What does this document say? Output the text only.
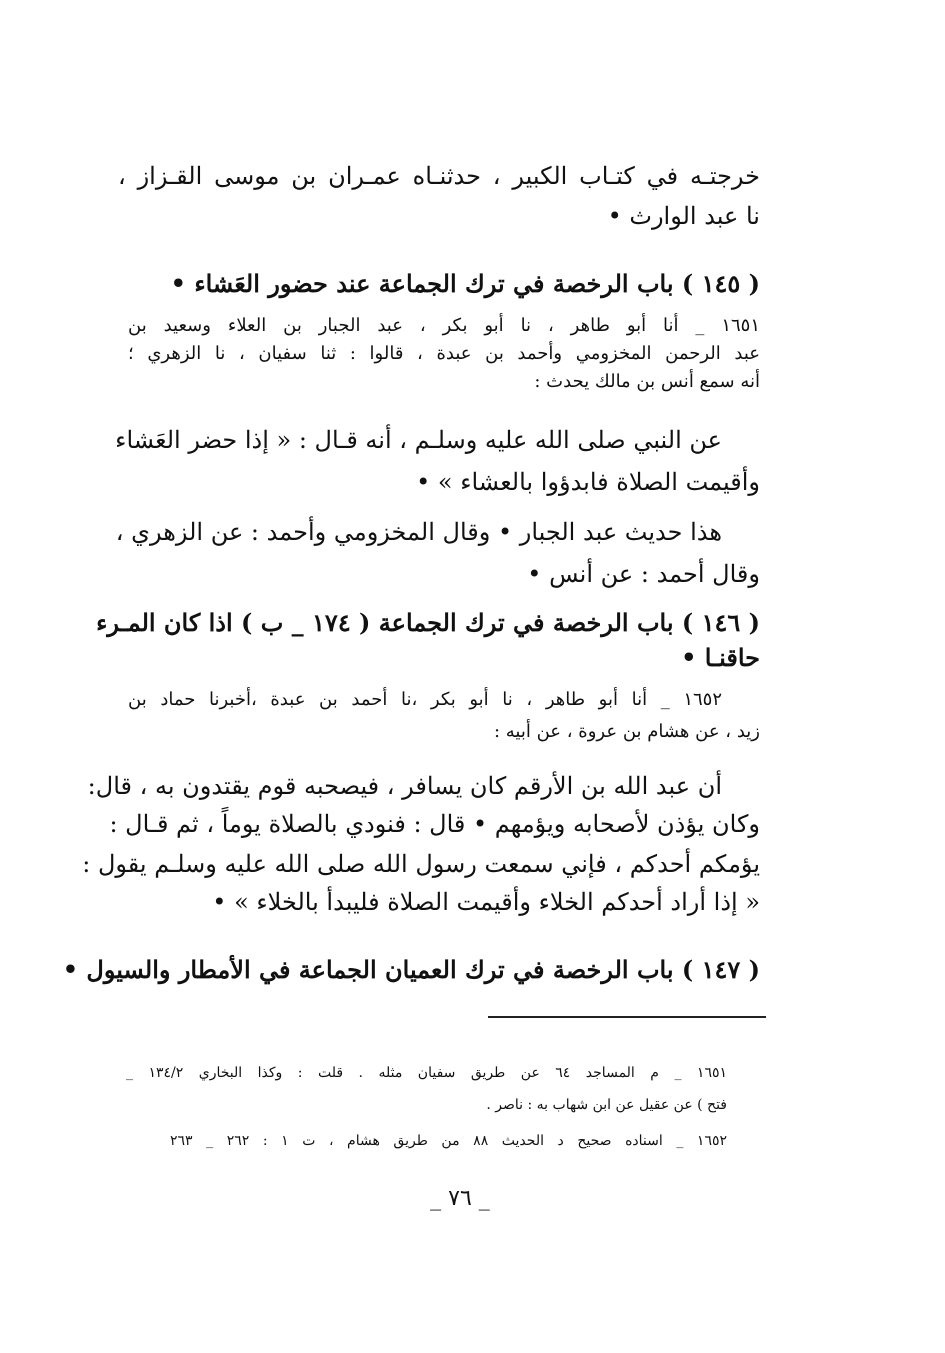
خرجتـه في كتـاب الكبير ، حدثنـاه عمـران بن موسى القـزاز ،
نا عبد الوارث •
( ١٤٥ ) باب الرخصة في ترك الجماعة عند حضور العَشاء •
١٦٥١ _ أنا أبو طاهر ، نا أبو بكر ، عبد الجبار بن العلاء وسعيد بن
عبد الرحمن المخزومي وأحمد بن عبدة ، قالوا : ثنا سفيان ، نا الزهري ؛
أنه سمع أنس بن مالك يحدث :
عن النبي صلى الله عليه وسلـم ، أنه قـال : « إذا حضر العَشاء
وأقيمت الصلاة فابدؤوا بالعشاء » •
هذا حديث عبد الجبار • وقال المخزومي وأحمد : عن الزهري ،
وقال أحمد : عن أنس •
( ١٤٦ ) باب الرخصة في ترك الجماعة ( ١٧٤ _ ب ) اذا كان المـرء
حاقنـا •
١٦٥٢ _ أنا أبو طاهر ، نا أبو بكر ،نا أحمد بن عبدة ،أخبرنا حماد بن
زيد ، عن هشام بن عروة ، عن أبيه :
أن عبد الله بن الأرقم كان يسافر ، فيصحبه قوم يقتدون به ، قال:
وكان يؤذن لأصحابه ويؤمهم • قال : فنودي بالصلاة يوماً ، ثم قـال :
يؤمكم أحدكم ، فإني سمعت رسول الله صلى الله عليه وسلـم يقول :
« إذا أراد أحدكم الخلاء وأقيمت الصلاة فليبدأ بالخلاء » •
( ١٤٧ ) باب الرخصة في ترك العميان الجماعة في الأمطار والسيول •
١٦٥١ _ م المساجد ٦٤ عن طريق سفيان مثله . قلت : وكذا البخاري ١٣٤/٢ _
فتح ) عن عقيل عن ابن شهاب به : ناصر .
١٦٥٢ _ اسناده صحيح د الحديث ٨٨ من طريق هشام ، ت ١ : ٢٦٢ _ ٢٦٣
_ ٧٦ _
